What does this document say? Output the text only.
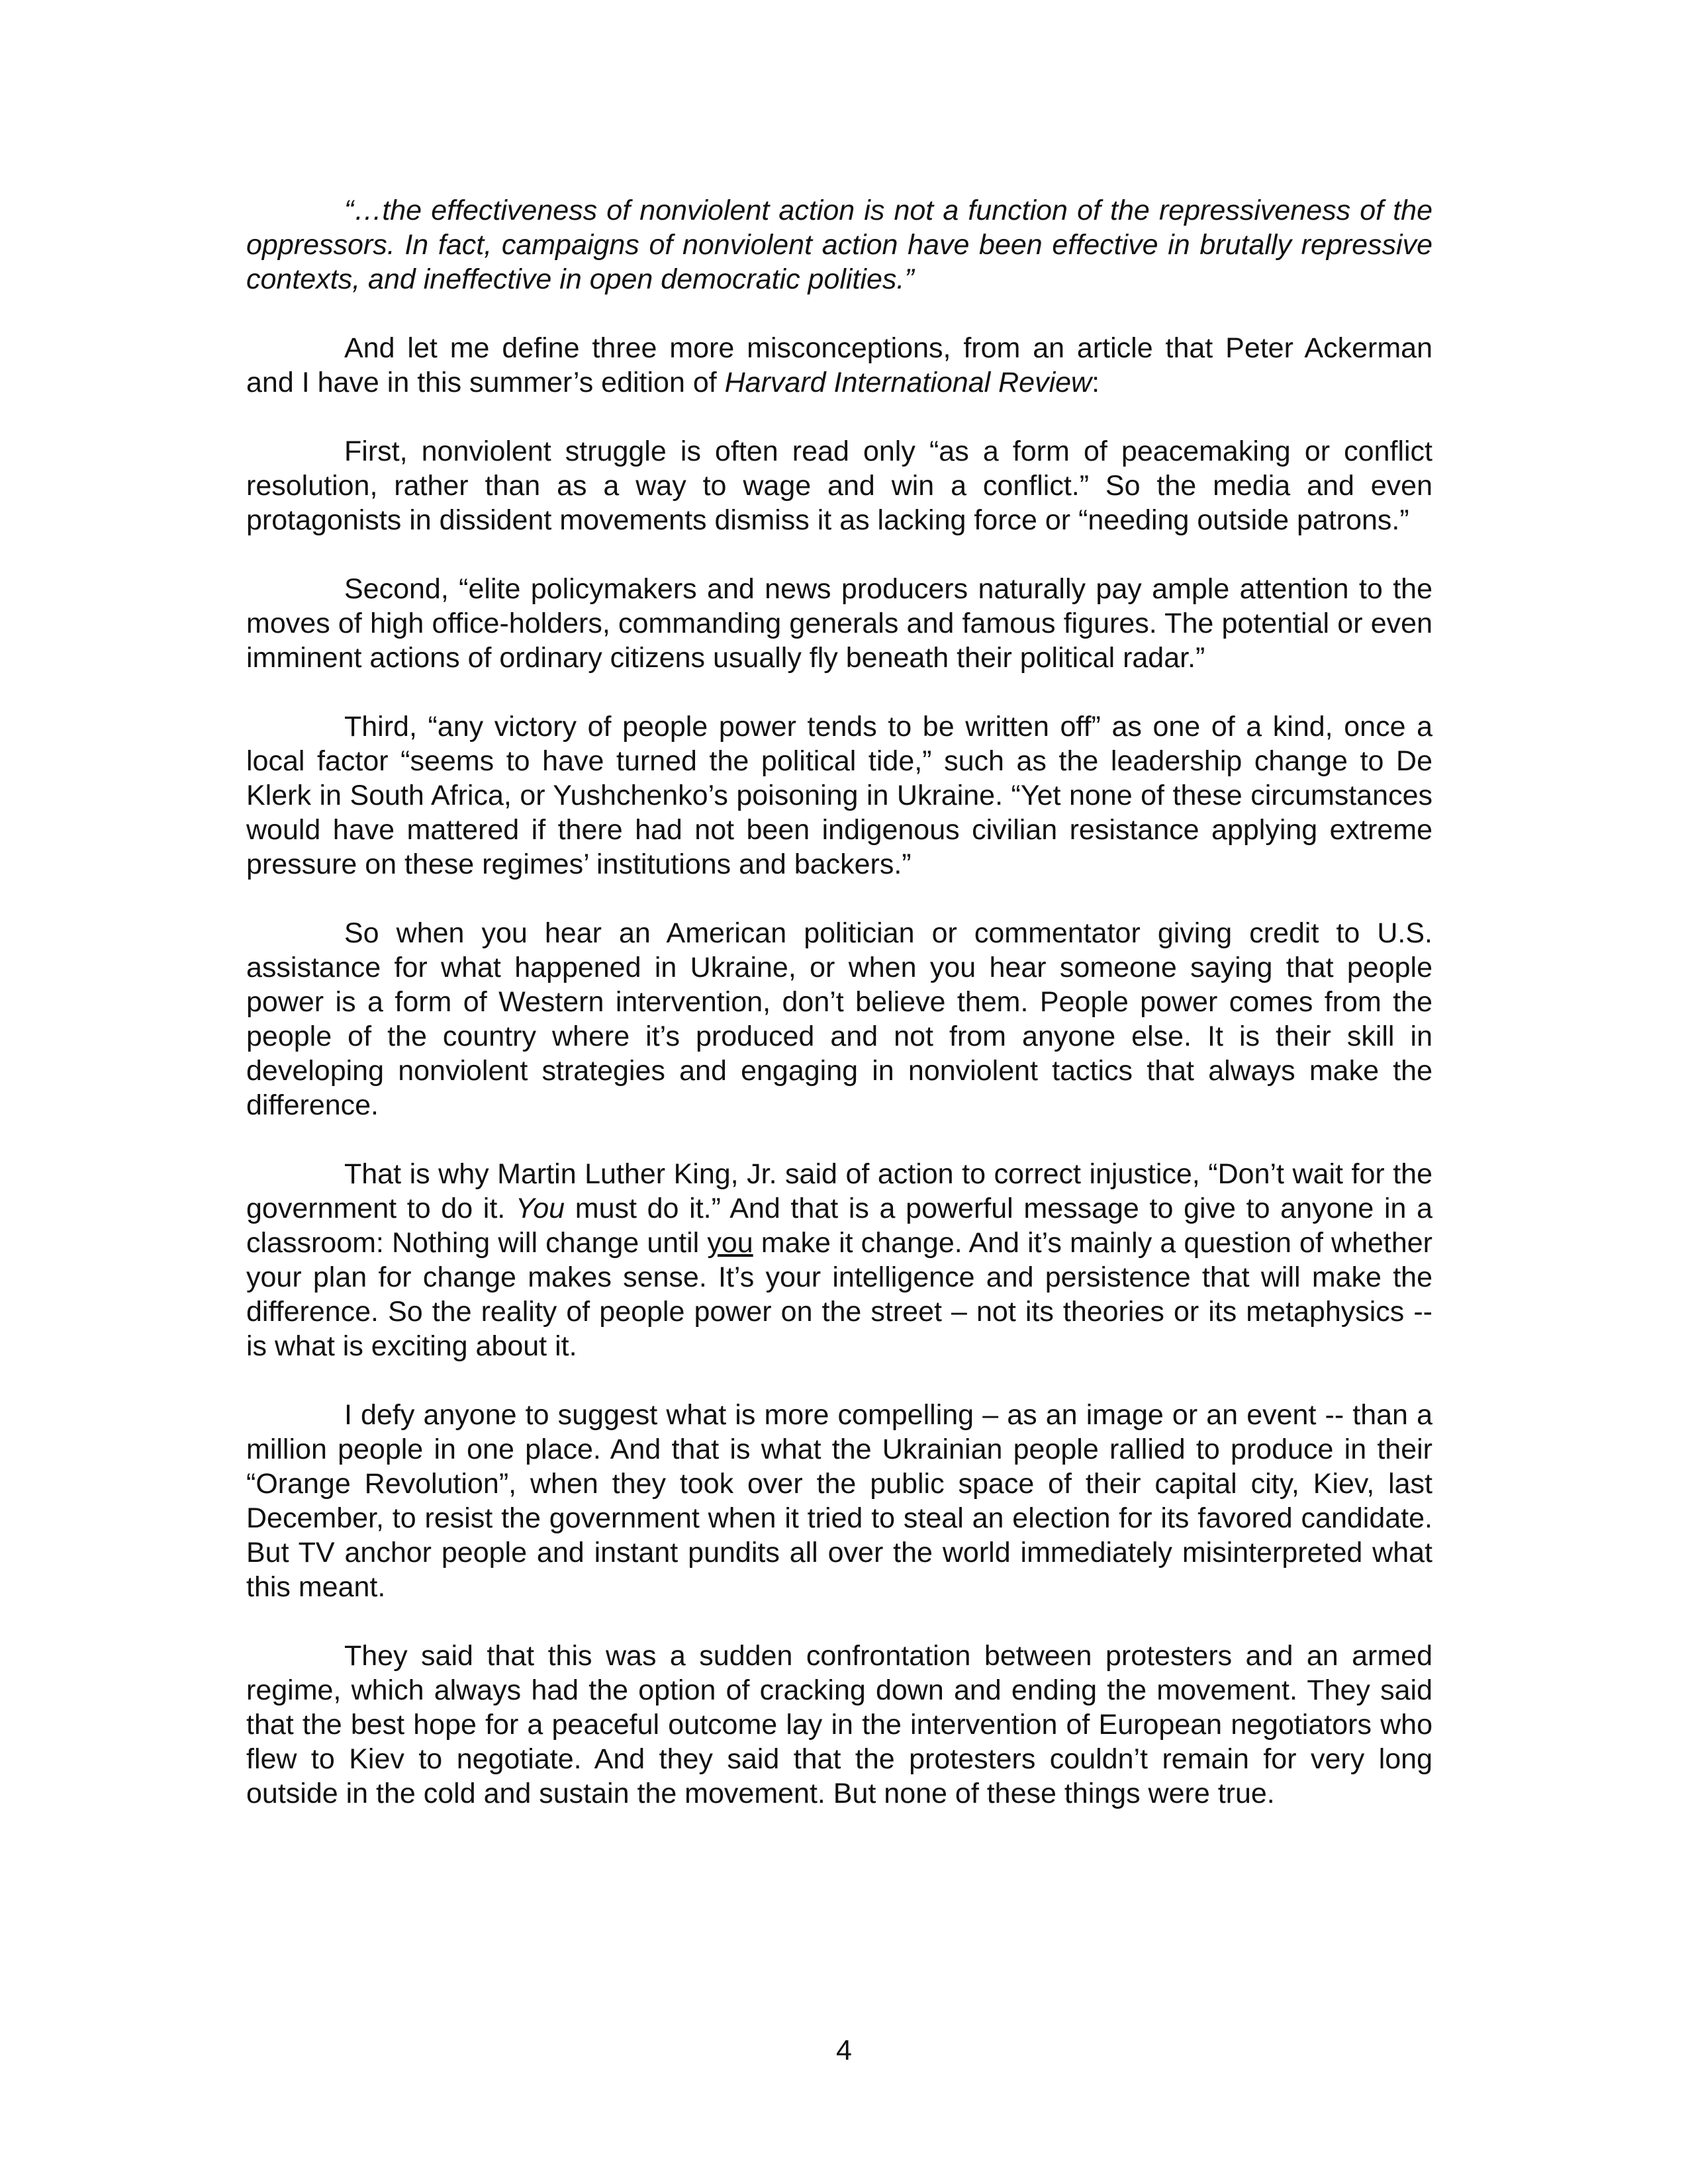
“…the effectiveness of nonviolent action is not a function of the repressiveness of the oppressors. In fact, campaigns of nonviolent action have been effective in brutally repressive contexts, and ineffective in open democratic polities.”

And let me define three more misconceptions, from an article that Peter Ackerman and I have in this summer’s edition of Harvard International Review:

First, nonviolent struggle is often read only “as a form of peacemaking or conflict resolution, rather than as a way to wage and win a conflict.” So the media and even protagonists in dissident movements dismiss it as lacking force or “needing outside patrons.”

Second, “elite policymakers and news producers naturally pay ample attention to the moves of high office-holders, commanding generals and famous figures. The potential or even imminent actions of ordinary citizens usually fly beneath their political radar.”

Third, “any victory of people power tends to be written off” as one of a kind, once a local factor “seems to have turned the political tide,” such as the leadership change to De Klerk in South Africa, or Yushchenko’s poisoning in Ukraine. “Yet none of these circumstances would have mattered if there had not been indigenous civilian resistance applying extreme pressure on these regimes’ institutions and backers.”

So when you hear an American politician or commentator giving credit to U.S. assistance for what happened in Ukraine, or when you hear someone saying that people power is a form of Western intervention, don’t believe them. People power comes from the people of the country where it’s produced and not from anyone else. It is their skill in developing nonviolent strategies and engaging in nonviolent tactics that always make the difference.

That is why Martin Luther King, Jr. said of action to correct injustice, “Don’t wait for the government to do it. You must do it.” And that is a powerful message to give to anyone in a classroom: Nothing will change until you make it change. And it’s mainly a question of whether your plan for change makes sense. It’s your intelligence and persistence that will make the difference. So the reality of people power on the street – not its theories or its metaphysics -- is what is exciting about it.

I defy anyone to suggest what is more compelling – as an image or an event -- than a million people in one place. And that is what the Ukrainian people rallied to produce in their “Orange Revolution”, when they took over the public space of their capital city, Kiev, last December, to resist the government when it tried to steal an election for its favored candidate. But TV anchor people and instant pundits all over the world immediately misinterpreted what this meant.

They said that this was a sudden confrontation between protesters and an armed regime, which always had the option of cracking down and ending the movement. They said that the best hope for a peaceful outcome lay in the intervention of European negotiators who flew to Kiev to negotiate. And they said that the protesters couldn’t remain for very long outside in the cold and sustain the movement. But none of these things were true.

4
